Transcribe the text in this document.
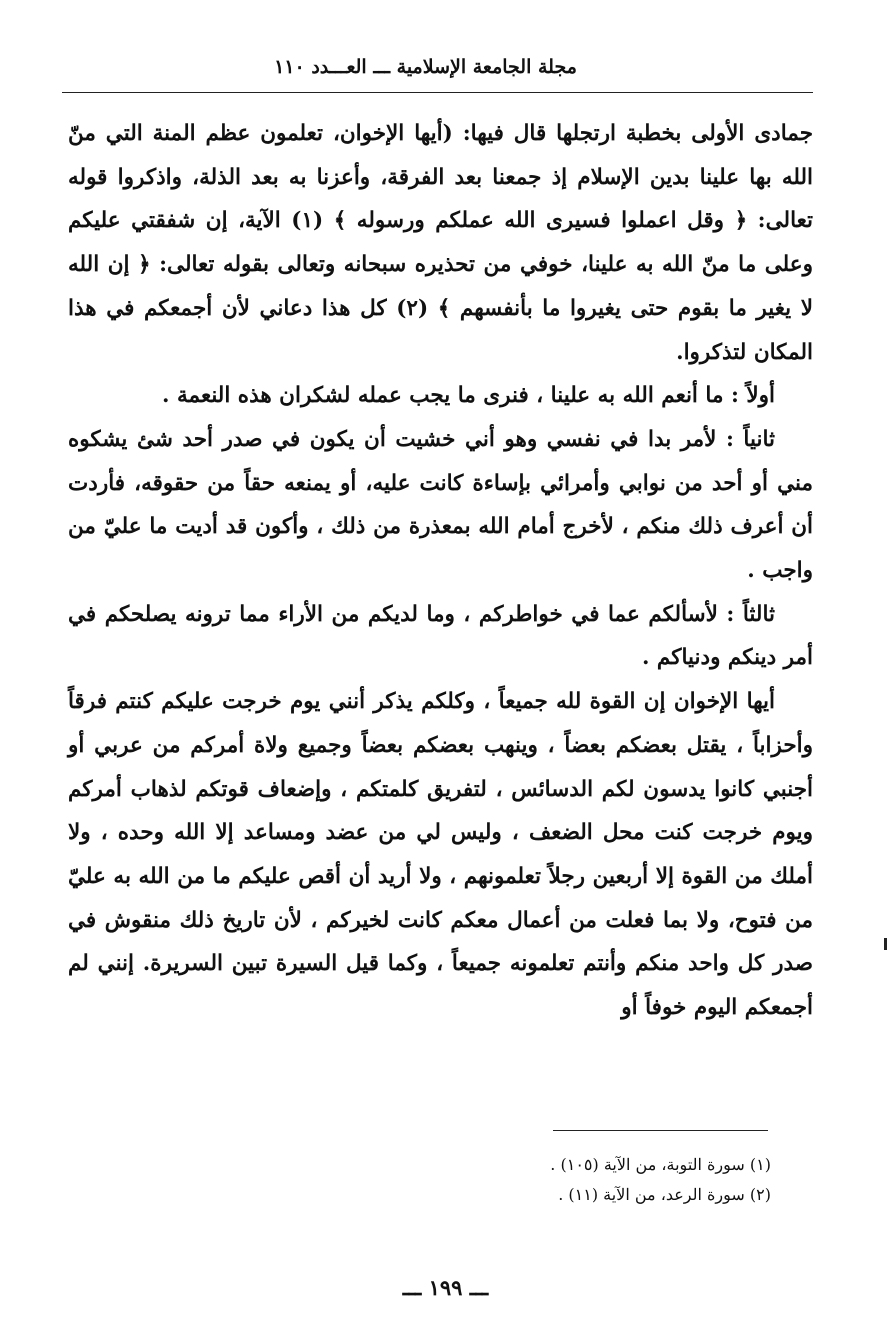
مجلة الجامعة الإسلامية ـــ العـــدد ١١٠

جمادى الأولى بخطبة ارتجلها قال فيها: (أيها الإخوان، تعلمون عظم المنة التي منّ الله بها علينا بدين الإسلام إذ جمعنا بعد الفرقة، وأعزنا به بعد الذلة، واذكروا قوله تعالى: ﴿ وقل اعملوا فسيرى الله عملكم ورسوله ﴾ (١) الآية، إن شفقتي عليكم وعلى ما منّ الله به علينا، خوفي من تحذيره سبحانه وتعالى بقوله تعالى: ﴿ إن الله لا يغير ما بقوم حتى يغيروا ما بأنفسهم ﴾ (٢) كل هذا دعاني لأن أجمعكم في هذا المكان لتذكروا.

أولاً : ما أنعم الله به علينا ، فنرى ما يجب عمله لشكران هذه النعمة .

ثانياً : لأمر بدا في نفسي وهو أني خشيت أن يكون في صدر أحد شئ يشكوه مني أو أحد من نوابي وأمرائي بإساءة كانت عليه، أو يمنعه حقاً من حقوقه، فأردت أن أعرف ذلك منكم ، لأخرج أمام الله بمعذرة من ذلك ، وأكون قد أديت ما عليّ من واجب .

ثالثاً : لأسألكم عما في خواطركم ، وما لديكم من الأراء مما ترونه يصلحكم في أمر دينكم ودنياكم .

أيها الإخوان إن القوة لله جميعاً ، وكلكم يذكر أنني يوم خرجت عليكم كنتم فرقاً وأحزاباً ، يقتل بعضكم بعضاً ، وينهب بعضكم بعضاً وجميع ولاة أمركم من عربي أو أجنبي كانوا يدسون لكم الدسائس ، لتفريق كلمتكم ، وإضعاف قوتكم لذهاب أمركم ويوم خرجت كنت محل الضعف ، وليس لي من عضد ومساعد إلا الله وحده ، ولا أملك من القوة إلا أربعين رجلاً تعلمونهم ، ولا أريد أن أقص عليكم ما من الله به عليّ من فتوح، ولا بما فعلت من أعمال معكم كانت لخيركم ، لأن تاريخ ذلك منقوش في صدر كل واحد منكم وأنتم تعلمونه جميعاً ، وكما قيل السيرة تبين السريرة. إنني لم أجمعكم اليوم خوفاً أو

(١) سورة التوبة، من الآية (١٠٥) .

(٢) سورة الرعد، من الآية (١١) .

ـــ ١٩٩ ـــ
